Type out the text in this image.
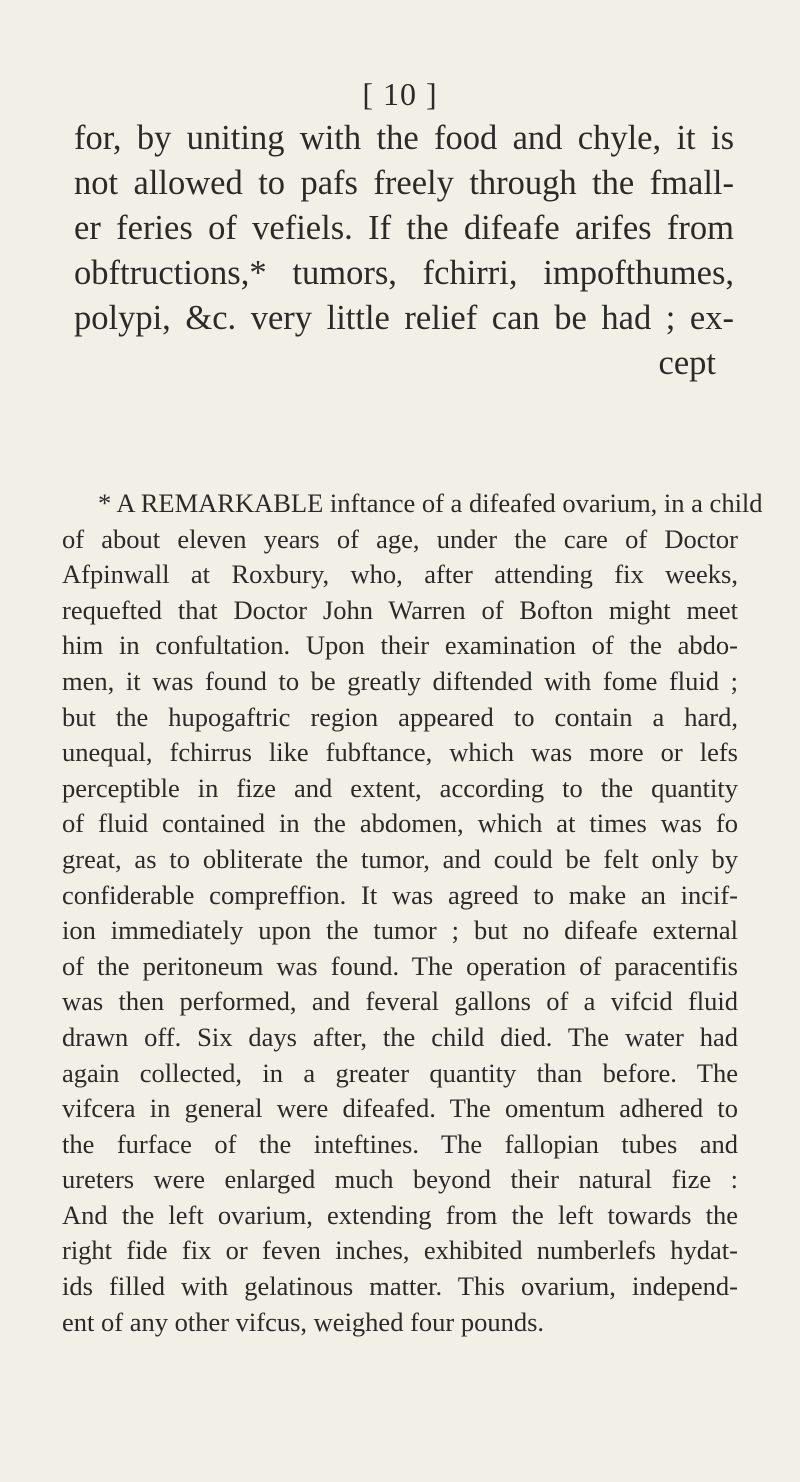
[ 10 ]
for, by uniting with the food and chyle, it is
not allowed to pafs freely through the fmall-
er feries of vefiels. If the difeafe arifes from
obftructions,* tumors, fchirri, impofthumes,
polypi, &c. very little relief can be had ; ex-
cept
* A REMARKABLE inftance of a difeafed ovarium, in a child
of about eleven years of age, under the care of Doctor
Afpinwall at Roxbury, who, after attending fix weeks,
requefted that Doctor John Warren of Bofton might meet
him in confultation. Upon their examination of the abdo-
men, it was found to be greatly diftended with fome fluid ;
but the hupogaftric region appeared to contain a hard,
unequal, fchirrus like fubftance, which was more or lefs
perceptible in fize and extent, according to the quantity
of fluid contained in the abdomen, which at times was fo
great, as to obliterate the tumor, and could be felt only by
confiderable compreffion. It was agreed to make an incif-
ion immediately upon the tumor ; but no difeafe external
of the peritoneum was found. The operation of paracentifis
was then performed, and feveral gallons of a vifcid fluid
drawn off. Six days after, the child died. The water had
again collected, in a greater quantity than before. The
vifcera in general were difeafed. The omentum adhered to
the furface of the inteftines. The fallopian tubes and
ureters were enlarged much beyond their natural fize :
And the left ovarium, extending from the left towards the
right fide fix or feven inches, exhibited numberlefs hydat-
ids filled with gelatinous matter. This ovarium, independ-
ent of any other vifcus, weighed four pounds.
